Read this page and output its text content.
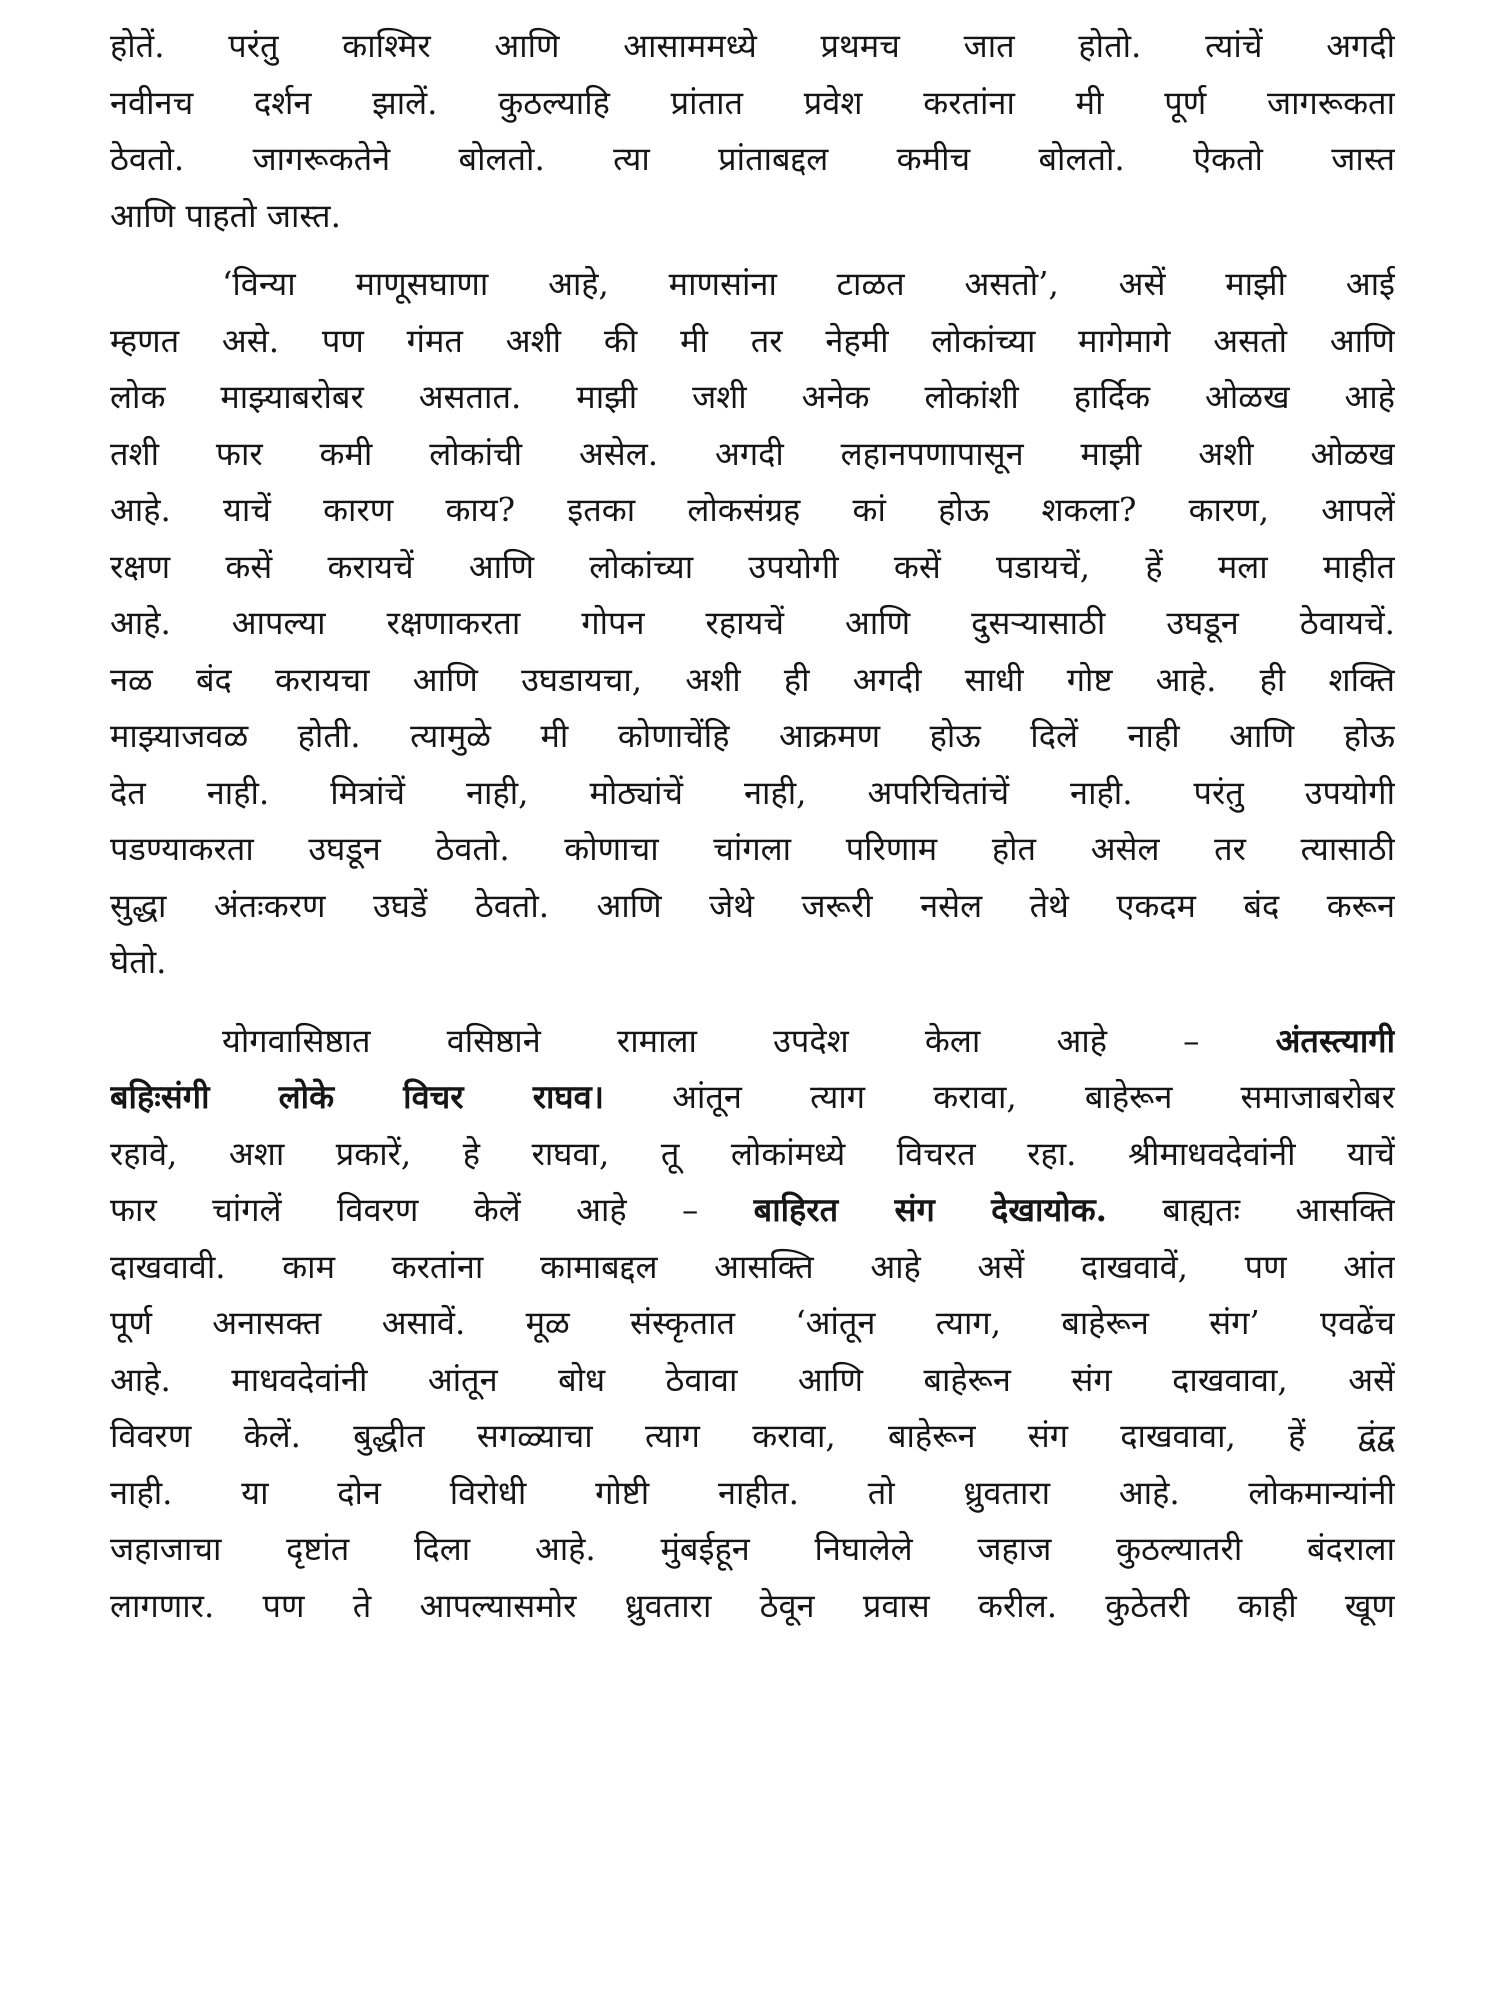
होतें. परंतु काश्मिर आणि आसाममध्ये प्रथमच जात होतो. त्यांचें अगदी
नवीनच दर्शन झालें. कुठल्याहि प्रांतात प्रवेश करतांना मी पूर्ण जागरूकता
ठेवतो. जागरूकतेने बोलतो. त्या प्रांताबद्दल कमीच बोलतो. ऐकतो जास्त
आणि पाहतो जास्त.
‘विन्या माणूसघाणा आहे, माणसांना टाळत असतो’, असें माझी आई
म्हणत असे. पण गंमत अशी की मी तर नेहमी लोकांच्या मागेमागे असतो आणि
लोक माझ्याबरोबर असतात. माझी जशी अनेक लोकांशी हार्दिक ओळख आहे
तशी फार कमी लोकांची असेल. अगदी लहानपणापासून माझी अशी ओळख
आहे. याचें कारण काय? इतका लोकसंग्रह कां होऊ शकला? कारण, आपलें
रक्षण कसें करायचें आणि लोकांच्या उपयोगी कसें पडायचें, हें मला माहीत
आहे. आपल्या रक्षणाकरता गोपन रहायचें आणि दुसऱ्यासाठी उघडून ठेवायचें.
नळ बंद करायचा आणि उघडायचा, अशी ही अगदी साधी गोष्ट आहे. ही शक्ति
माझ्याजवळ होती. त्यामुळे मी कोणाचेंहि आक्रमण होऊ दिलें नाही आणि होऊ
देत नाही. मित्रांचें नाही, मोठ्यांचें नाही, अपरिचितांचें नाही. परंतु उपयोगी
पडण्याकरता उघडून ठेवतो. कोणाचा चांगला परिणाम होत असेल तर त्यासाठी
सुद्धा अंतःकरण उघडें ठेवतो. आणि जेथे जरूरी नसेल तेथे एकदम बंद करून
घेतो.
योगवासिष्ठात वसिष्ठाने रामाला उपदेश केला आहे – अंतस्त्यागी
बहिःसंगी लोके विचर राघव। आंतून त्याग करावा, बाहेरून समाजाबरोबर
रहावे, अशा प्रकारें, हे राघवा, तू लोकांमध्ये विचरत रहा. श्रीमाधवदेवांनी याचें
फार चांगलें विवरण केलें आहे – बाहिरत संग देखायोक. बाह्यतः आसक्ति
दाखवावी. काम करतांना कामाबद्दल आसक्ति आहे असें दाखवावें, पण आंत
पूर्ण अनासक्त असावें. मूळ संस्कृतात ‘आंतून त्याग, बाहेरून संग’ एवढेंच
आहे. माधवदेवांनी आंतून बोध ठेवावा आणि बाहेरून संग दाखवावा, असें
विवरण केलें. बुद्धीत सगळ्याचा त्याग करावा, बाहेरून संग दाखवावा, हें द्वंद्व
नाही. या दोन विरोधी गोष्टी नाहीत. तो ध्रुवतारा आहे. लोकमान्यांनी
जहाजाचा दृष्टांत दिला आहे. मुंबईहून निघालेले जहाज कुठल्यातरी बंदराला
लागणार. पण ते आपल्यासमोर ध्रुवतारा ठेवून प्रवास करील. कुठेतरी काही खूण
